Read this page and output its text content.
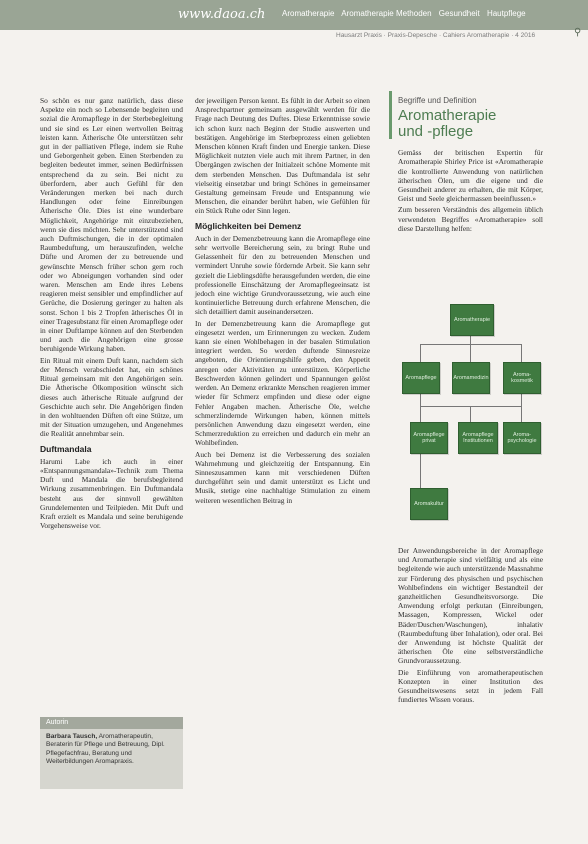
www.daoa.ch Aromatherapie Aromatherapie Methoden Gesundheit Hautpflege
Hausarzt Praxis · Praxis-Depesche · Cahiers Aromatherapie · 4 2016	⚲

So schön es nur ganz natürlich, dass diese Aspekte ein noch so Lebensende begleiten und sozial die Aromapflege in der Sterbebegleitung und sie sind es Ler einen wertvollen Beitrag leisten kann. Ätherische Öle unterstützen sehr gut in der palliativen Pflege, indem sie Ruhe und Geborgenheit geben. Einen Sterbenden zu begleiten bedeutet immer, seinen Bedürfnissen entsprechend da zu sein. Bei nicht zu überfordern, aber auch Gefühl für den Veränderungen merken bei nach durch Handlungen oder feine Einreibungen Ätherische Öle. Dies ist eine wunderbare Möglichkeit, Angehörige mit einzubeziehen, wenn sie dies möchten. Sehr unterstützend sind auch Duftmischungen, die in der optimalen Raumbeduftung, um herauszufinden, welche Düfte und Aromen der zu betreuende und gewünschte Mensch früher schon gern roch oder wo Abneigungen vorhanden sind oder waren. Menschen am Ende ihres Lebens reagieren meist sensibler und empfindlicher auf Gerüche, die Dosierung geringer zu halten als sonst. Schon 1 bis 2 Tropfen ätherisches Öl in einer Tragesubstanz für einen Aromapflege oder in einer Duftlampe können auf den Sterbenden und auch die Angehörigen eine grosse beruhigende Wirkung haben.

Ein Ritual mit einem Duft kann, nachdem sich der Mensch verabschiedet hat, ein schönes Ritual gemeinsam mit den Angehörigen sein. Die Ätherische Ölkomposition wünscht sich dieses auch ätherische Rituale aufgrund der Geschichte auch sehr. Die Angehörigen finden in den wohltuenden Düften oft eine Stütze, um mit der Situation umzugehen, und Angenehmes die Realität annehmbar sein.

Duftmandala

Harumi Labe ich auch in einer «Entspannungsmandala»-Technik zum Thema Duft und Mandala die berufsbegleitend Wirkung zusammenbringen. Ein Duftmandala besteht aus der sinnvoll gewählten Grundelementen und Teilpieden. Mit Duft und Kraft erzielt es Mandala und seine beruhigende Vorgehensweise vor.

Autorin
Barbara Tausch, Aromatherapeutin, Beraterin für Pflege und Betreuung, Dipl. Pflegefachfrau, Beratung und Weiterbildungen Aromapraxis.

der jeweiligen Person kennt. Es fühlt in der Arbeit so einen Ansprechpartner gemeinsam ausgewählt werden für die Frage nach Deutung des Duftes. Diese Erkenntnisse sowie ich schon kurz nach Beginn der Studie auswerten und bestätigen. Angehörige im Sterbeprozess einen geliebten Menschen können Kraft finden und Energie tanken. Diese Möglichkeit nutzten viele auch mit ihrem Partner, in den Übergängen zwischen der Initialzeit schöne Momente mit dem sterbenden Menschen. Das Duftmandala ist sehr vielseitig einsetzbar und bringt Schönes in gemeinsamer Gestaltung gemeinsam Freude und Entspannung wie Menschen, die einander berührt haben, wie Gefühlen für ein Stück Ruhe oder Sinn legen.

Möglichkeiten bei Demenz

Auch in der Demenzbetreuung kann die Aromapflege eine sehr wertvolle Bereicherung sein, zu bringt Ruhe und Gelassenheit für den zu betreuenden Menschen und vermindert Unruhe sowie fördernde Arbeit. Sie kann sehr gezielt die Lieblingsdüfte herausgefunden werden, die eine professionelle Einschätzung der Aromapflegeeinsatz ist jedoch eine wichtige Grundvoraussetzung, wie auch eine kontinuierliche Betreuung durch erfahrene Menschen, die sich detailliert damit auseinandersetzen.

In der Demenzbetreuung kann die Aromapflege gut eingesetzt werden, um Erinnerungen zu wecken. Zudem kann sie einen Wohlbehagen in der basalen Stimulation integriert werden. So werden duftende Sinnesreize angeboten, die Orientierungshilfe geben, den Appetit anregen oder Aktivitäten zu unterstützen. Körperliche Beschwerden können gelindert und Spannungen gelöst werden. An Demenz erkrankte Menschen reagieren immer wieder für Schmerz empfinden und diese oder eigne Fehler Angaben machen. Ätherische Öle, welche schmerzlindernde Wirkungen haben, können mittels persönlichen Anwendung dazu eingesetzt werden, eine Schmerzreduktion zu erreichen und dadurch ein mehr an Wohlbefinden.

Auch bei Demenz ist die Verbesserung des sozialen Wahrnehmung und gleichzeitig der Entspannung. Ein Sinneszusammen kann mit verschiedenen Düften durchgeführt sein und damit unterstützt es Licht und Musik, stetige eine nachhaltige Stimulation zu einem weiteren wesentlichen Beitrag in

Begriffe und Definition
Aromatherapie
und -pflege

Gemäss der britischen Expertin für Aromatherapie Shirley Price ist «Aromatherapie die kontrollierte Anwendung von natürlichen ätherischen Ölen, um die eigene und die Gesundheit anderer zu erhalten, die mit Körper, Geist und Seele gleichermassen beeinflussen.»

Zum besseren Verständnis des allgemein üblich verwendeten Begriffes «Aromatherapie» soll diese Darstellung helfen:

Aromatherapie
Aromapflege	Aromamedizin	Aromakosmetik
Aromapflege privat
Aromapflege Institutionen
Aromapsychologie
Aromakultur

Der Anwendungsbereiche in der Aromapflege und Aromatherapie sind vielfältig und als eine begleitende wie auch unterstützende Massnahme zur Förderung des physischen und psychischen Wohlbefindens ein wichtiger Bestandteil der ganzheitlichen Gesundheitsvorsorge. Die Anwendung erfolgt perkutan (Einreibungen, Massagen, Kompressen, Wickel oder Bäder/Duschen/Waschungen), inhalativ (Raumbeduftung über Inhalation), oder oral. Bei der Anwendung ist höchste Qualität der ätherischen Öle eine selbstverständliche Grundvoraussetzung.

Die Einführung von aromatherapeutischen Konzepten in einer Institution des Gesundheitswesens setzt in jedem Fall fundiertes Wissen voraus.
